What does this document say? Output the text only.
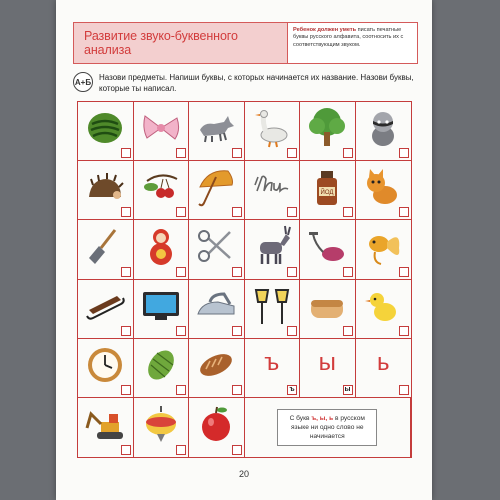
Развитие звуко-буквенного анализа
Ребенок должен уметь писать печатные буквы русского алфавита, соотносить их с соответствующим звуком.
А+Б Назови предметы. Напиши буквы, с которых начинается их название. Назови буквы, которые ты написал.
ЙОД
ъ
ъ
ы
ы
ь
С букв ъ, ы, ь в русском языке ни одно слово не начинается
20
